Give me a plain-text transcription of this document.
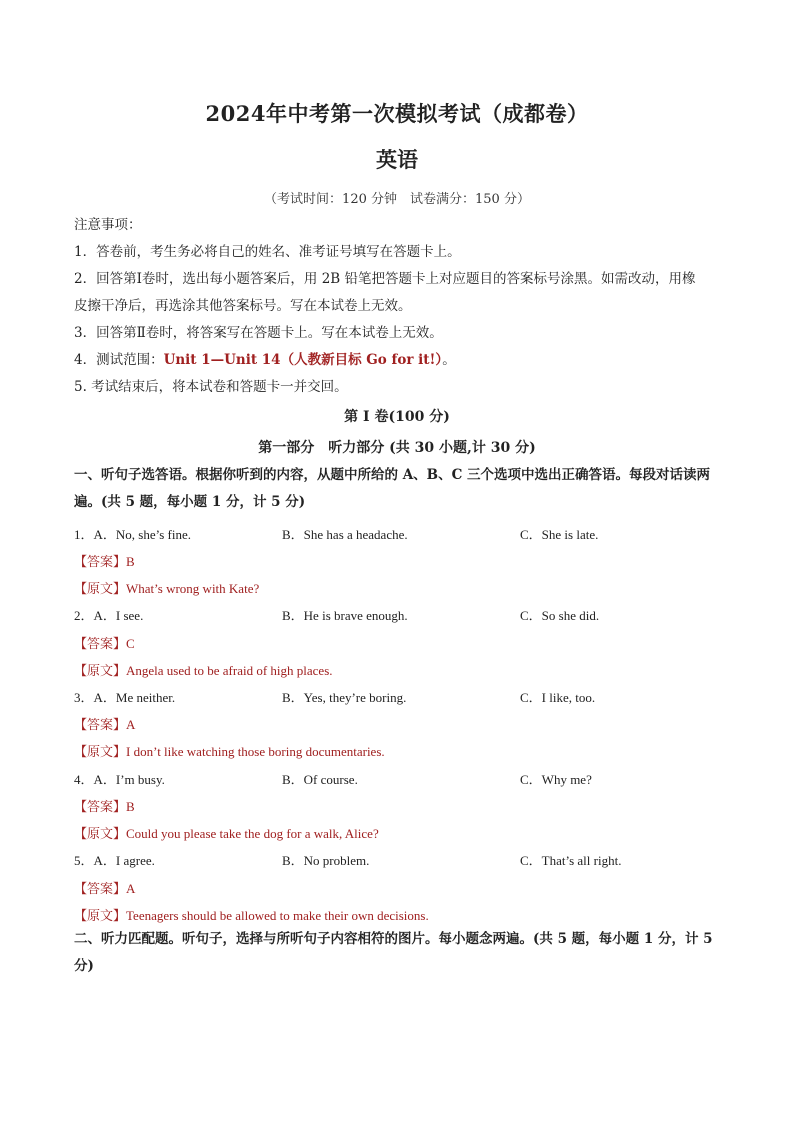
2024年中考第一次模拟考试（成都卷）
英语
（考试时间：120 分钟　试卷满分：150 分）
注意事项：
1．答卷前，考生务必将自己的姓名、准考证号填写在答题卡上。
2．回答第Ⅰ卷时，选出每小题答案后，用 2B 铅笔把答题卡上对应题目的答案标号涂黑。如需改动，用橡
皮擦干净后，再选涂其他答案标号。写在本试卷上无效。
3．回答第Ⅱ卷时，将答案写在答题卡上。写在本试卷上无效。
4．测试范围：Unit 1—Unit 14（人教新目标 Go for it!）。
5. 考试结束后，将本试卷和答题卡一并交回。
第 I 卷(100 分)
第一部分　听力部分 (共 30 小题,计 30 分)
一、听句子选答语。根据你听到的内容，从题中所给的 A、B、C 三个选项中选出正确答语。每段对话读两遍。(共 5 题，每小题 1 分，计 5 分)
1．A．No, she’s fine.	B．She has a headache.	C．She is late.
【答案】B
【原文】What’s wrong with Kate?
2．A．I see.	B．He is brave enough.	C．So she did.
【答案】C
【原文】Angela used to be afraid of high places.
3．A．Me neither.	B．Yes, they’re boring.	C．I like, too.
【答案】A
【原文】I don’t like watching those boring documentaries.
4．A．I’m busy.	B．Of course.	C．Why me?
【答案】B
【原文】Could you please take the dog for a walk, Alice?
5．A．I agree.	B．No problem.	C．That’s all right.
【答案】A
【原文】Teenagers should be allowed to make their own decisions.
二、听力匹配题。听句子，选择与所听句子内容相符的图片。每小题念两遍。(共 5 题，每小题 1 分，计 5 分)
